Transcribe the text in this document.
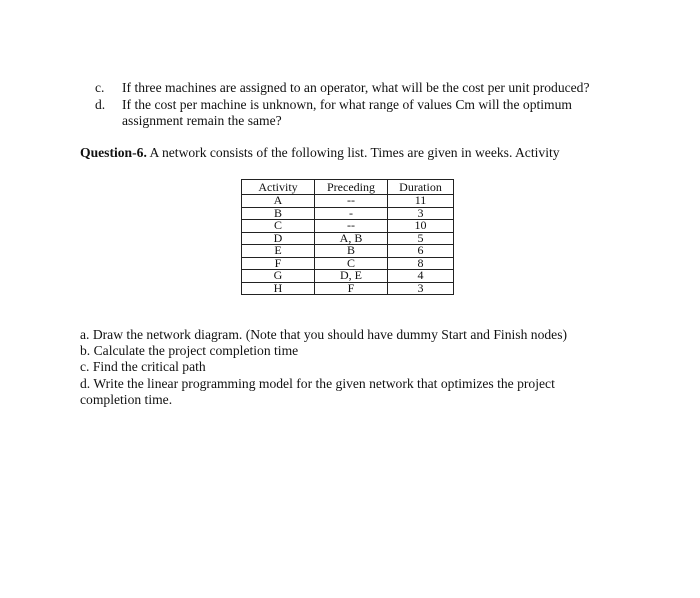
c.	If three machines are assigned to an operator, what will be the cost per unit produced?
d.	If the cost per machine is unknown, for what range of values Cm will the optimum assignment remain the same?
Question-6. A network consists of the following list. Times are given in weeks. Activity
Activity	Preceding	Duration
A	--	11
B	-	3
C	--	10
D	A, B	5
E	B	6
F	C	8
G	D, E	4
H	F	3
a. Draw the network diagram. (Note that you should have dummy Start and Finish nodes)
b. Calculate the project completion time
c. Find the critical path
d. Write the linear programming model for the given network that optimizes the project completion time.
